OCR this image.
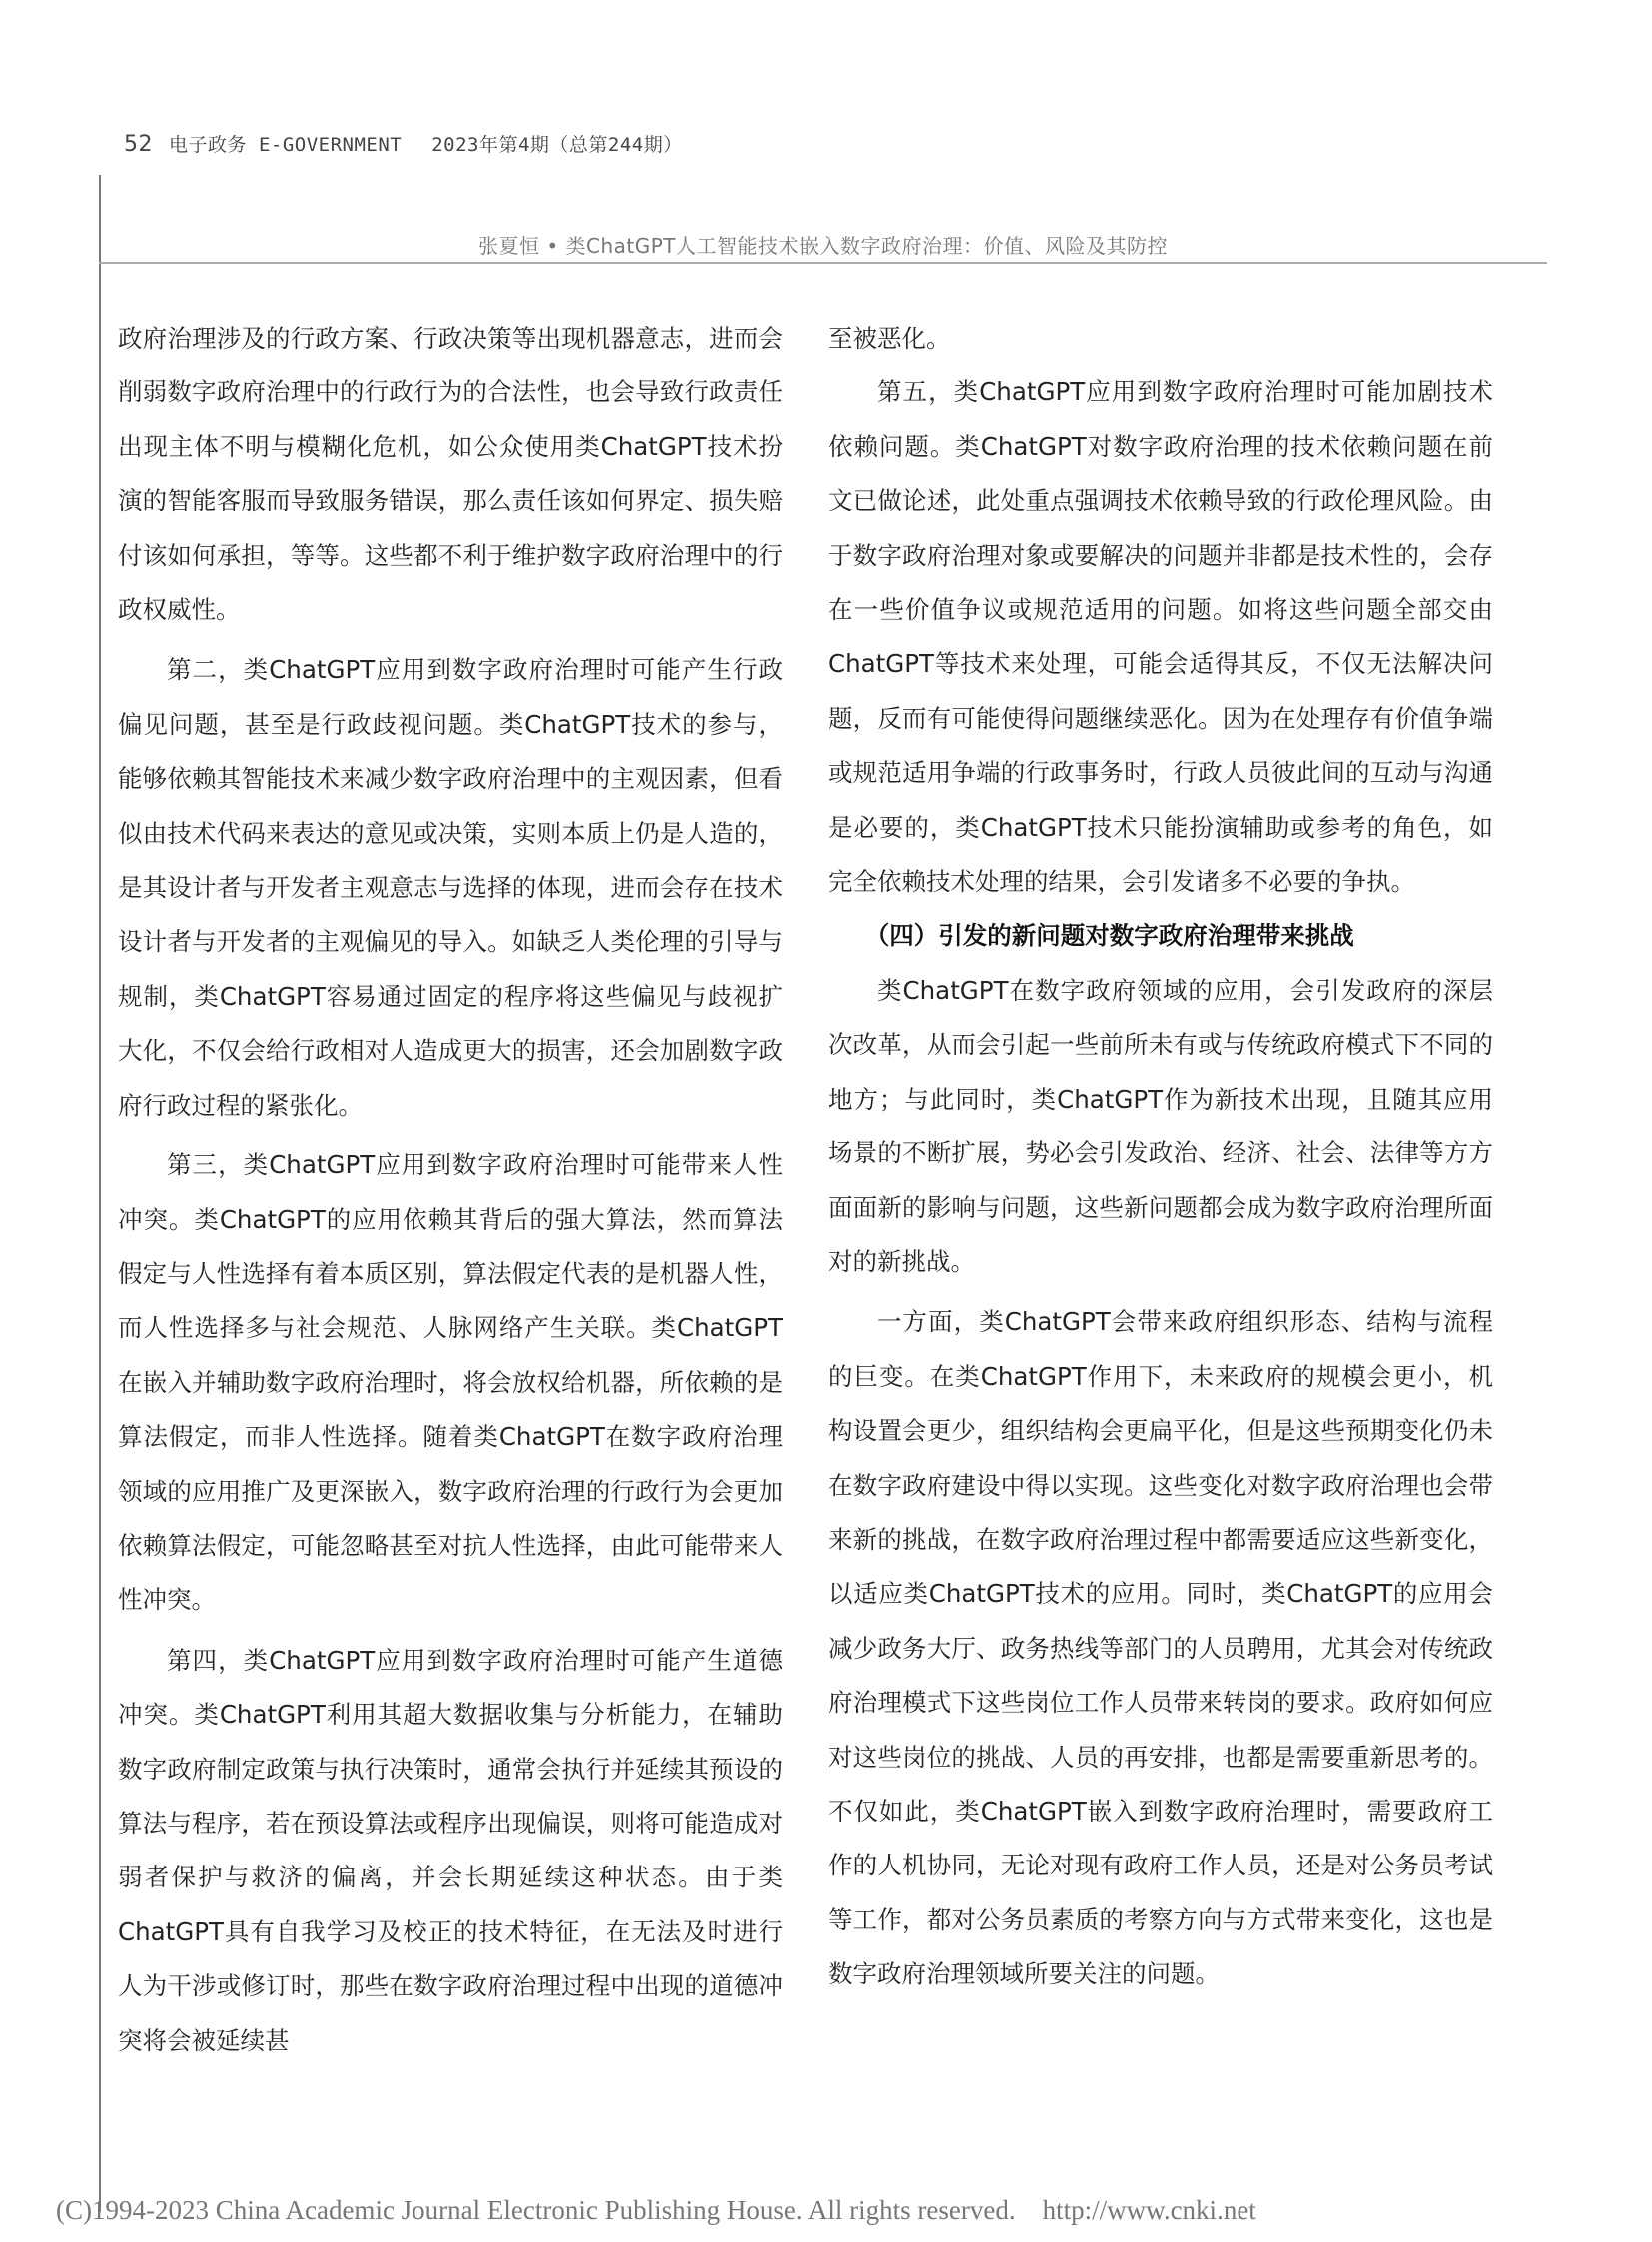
52 电子政务 E-GOVERNMENT 2023年第4期（总第244期）
张夏恒 • 类ChatGPT人工智能技术嵌入数字政府治理：价值、风险及其防控

政府治理涉及的行政方案、行政决策等出现机器意志，进而会削弱数字政府治理中的行政行为的合法性，也会导致行政责任出现主体不明与模糊化危机，如公众使用类ChatGPT技术扮演的智能客服而导致服务错误，那么责任该如何界定、损失赔付该如何承担，等等。这些都不利于维护数字政府治理中的行政权威性。

第二，类ChatGPT应用到数字政府治理时可能产生行政偏见问题，甚至是行政歧视问题。类ChatGPT技术的参与，能够依赖其智能技术来减少数字政府治理中的主观因素，但看似由技术代码来表达的意见或决策，实则本质上仍是人造的，是其设计者与开发者主观意志与选择的体现，进而会存在技术设计者与开发者的主观偏见的导入。如缺乏人类伦理的引导与规制，类ChatGPT容易通过固定的程序将这些偏见与歧视扩大化，不仅会给行政相对人造成更大的损害，还会加剧数字政府行政过程的紧张化。

第三，类ChatGPT应用到数字政府治理时可能带来人性冲突。类ChatGPT的应用依赖其背后的强大算法，然而算法假定与人性选择有着本质区别，算法假定代表的是机器人性，而人性选择多与社会规范、人脉网络产生关联。类ChatGPT在嵌入并辅助数字政府治理时，将会放权给机器，所依赖的是算法假定，而非人性选择。随着类ChatGPT在数字政府治理领域的应用推广及更深嵌入，数字政府治理的行政行为会更加依赖算法假定，可能忽略甚至对抗人性选择，由此可能带来人性冲突。

第四，类ChatGPT应用到数字政府治理时可能产生道德冲突。类ChatGPT利用其超大数据收集与分析能力，在辅助数字政府制定政策与执行决策时，通常会执行并延续其预设的算法与程序，若在预设算法或程序出现偏误，则将可能造成对弱者保护与救济的偏离，并会长期延续这种状态。由于类ChatGPT具有自我学习及校正的技术特征，在无法及时进行人为干涉或修订时，那些在数字政府治理过程中出现的道德冲突将会被延续甚

至被恶化。

第五，类ChatGPT应用到数字政府治理时可能加剧技术依赖问题。类ChatGPT对数字政府治理的技术依赖问题在前文已做论述，此处重点强调技术依赖导致的行政伦理风险。由于数字政府治理对象或要解决的问题并非都是技术性的，会存在一些价值争议或规范适用的问题。如将这些问题全部交由ChatGPT等技术来处理，可能会适得其反，不仅无法解决问题，反而有可能使得问题继续恶化。因为在处理存有价值争端或规范适用争端的行政事务时，行政人员彼此间的互动与沟通是必要的，类ChatGPT技术只能扮演辅助或参考的角色，如完全依赖技术处理的结果，会引发诸多不必要的争执。

（四）引发的新问题对数字政府治理带来挑战

类ChatGPT在数字政府领域的应用，会引发政府的深层次改革，从而会引起一些前所未有或与传统政府模式下不同的地方；与此同时，类ChatGPT作为新技术出现，且随其应用场景的不断扩展，势必会引发政治、经济、社会、法律等方方面面新的影响与问题，这些新问题都会成为数字政府治理所面对的新挑战。

一方面，类ChatGPT会带来政府组织形态、结构与流程的巨变。在类ChatGPT作用下，未来政府的规模会更小，机构设置会更少，组织结构会更扁平化，但是这些预期变化仍未在数字政府建设中得以实现。这些变化对数字政府治理也会带来新的挑战，在数字政府治理过程中都需要适应这些新变化，以适应类ChatGPT技术的应用。同时，类ChatGPT的应用会减少政务大厅、政务热线等部门的人员聘用，尤其会对传统政府治理模式下这些岗位工作人员带来转岗的要求。政府如何应对这些岗位的挑战、人员的再安排，也都是需要重新思考的。不仅如此，类ChatGPT嵌入到数字政府治理时，需要政府工作的人机协同，无论对现有政府工作人员，还是对公务员考试等工作，都对公务员素质的考察方向与方式带来变化，这也是数字政府治理领域所要关注的问题。

(C)1994-2023 China Academic Journal Electronic Publishing House. All rights reserved. http://www.cnki.net
